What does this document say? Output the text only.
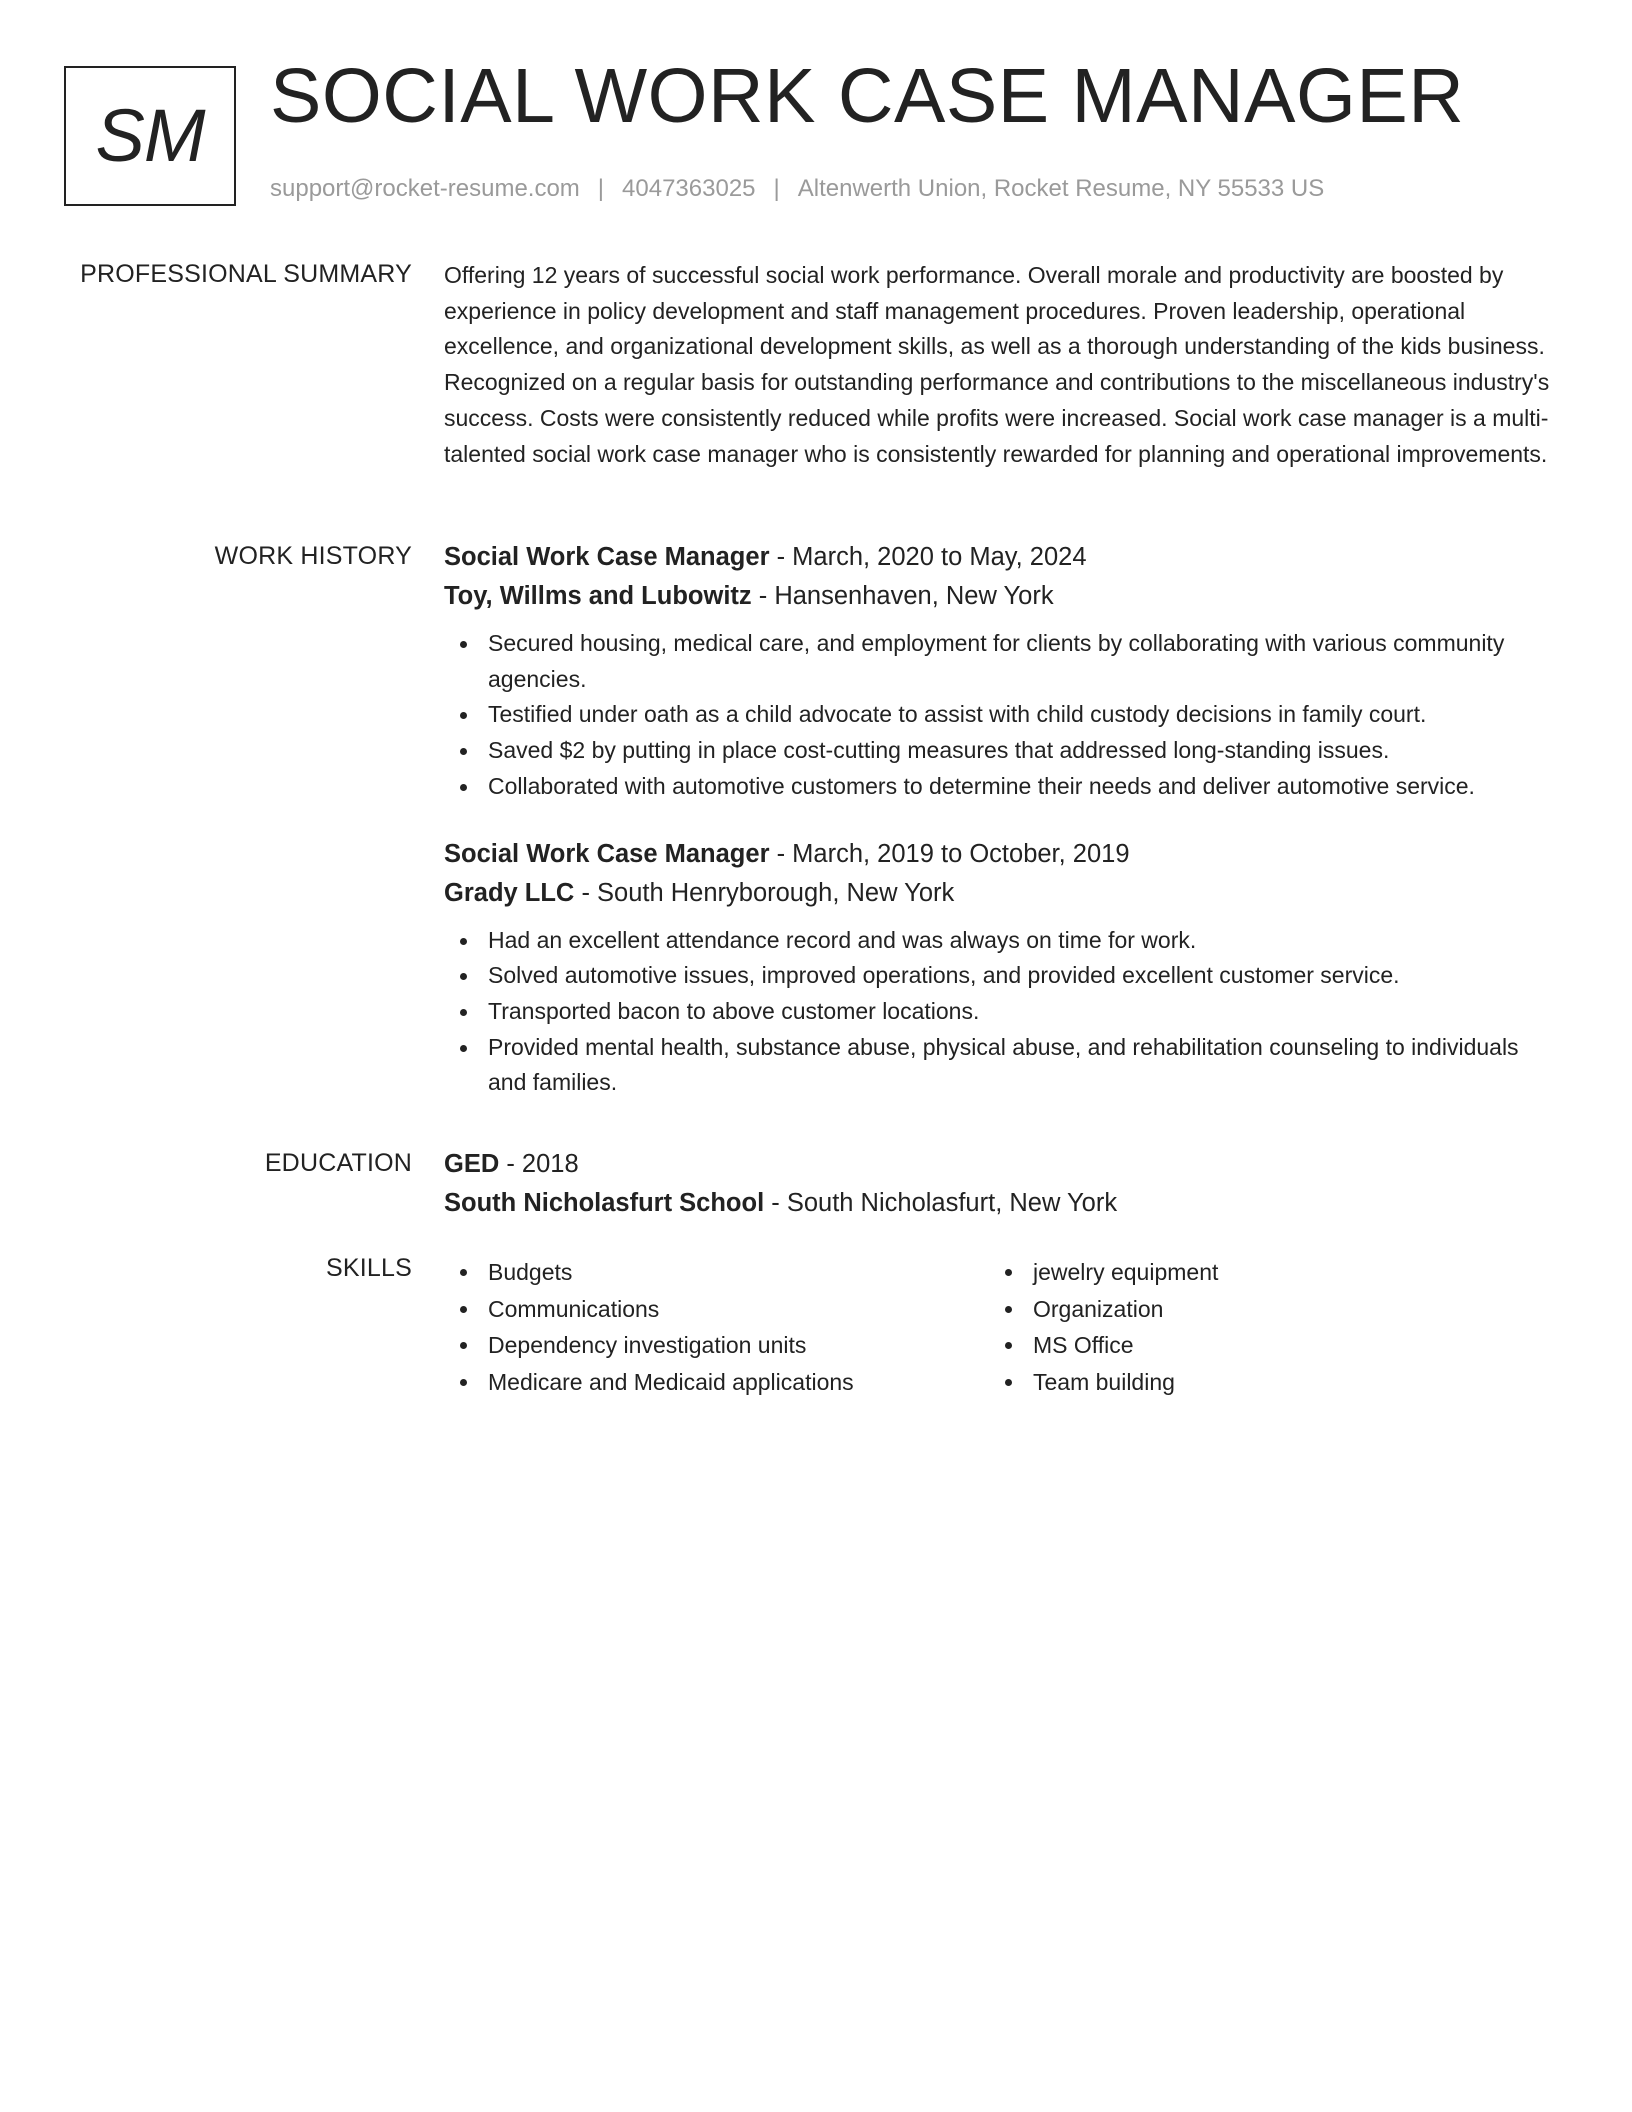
SM SOCIAL WORK CASE MANAGER
support@rocket-resume.com | 4047363025 | Altenwerth Union, Rocket Resume, NY 55533 US
PROFESSIONAL SUMMARY Offering 12 years of successful social work performance. Overall morale and productivity are boosted by experience in policy development and staff management procedures. Proven leadership, operational excellence, and organizational development skills, as well as a thorough understanding of the kids business. Recognized on a regular basis for outstanding performance and contributions to the miscellaneous industry's success. Costs were consistently reduced while profits were increased. Social work case manager is a multi-talented social work case manager who is consistently rewarded for planning and operational improvements.

WORK HISTORY Social Work Case Manager - March, 2020 to May, 2024
Toy, Willms and Lubowitz - Hansenhaven, New York
Secured housing, medical care, and employment for clients by collaborating with various community agencies.
Testified under oath as a child advocate to assist with child custody decisions in family court.
Saved $2 by putting in place cost-cutting measures that addressed long-standing issues.
Collaborated with automotive customers to determine their needs and deliver automotive service.
Social Work Case Manager - March, 2019 to October, 2019
Grady LLC - South Henryborough, New York
Had an excellent attendance record and was always on time for work.
Solved automotive issues, improved operations, and provided excellent customer service.
Transported bacon to above customer locations.
Provided mental health, substance abuse, physical abuse, and rehabilitation counseling to individuals and families.
EDUCATION GED - 2018
South Nicholasfurt School - South Nicholasfurt, New York
SKILLS	Budgets
Communications
Dependency investigation units
Medicare and Medicaid applications
jewelry equipment
Organization
MS Office
Team building
